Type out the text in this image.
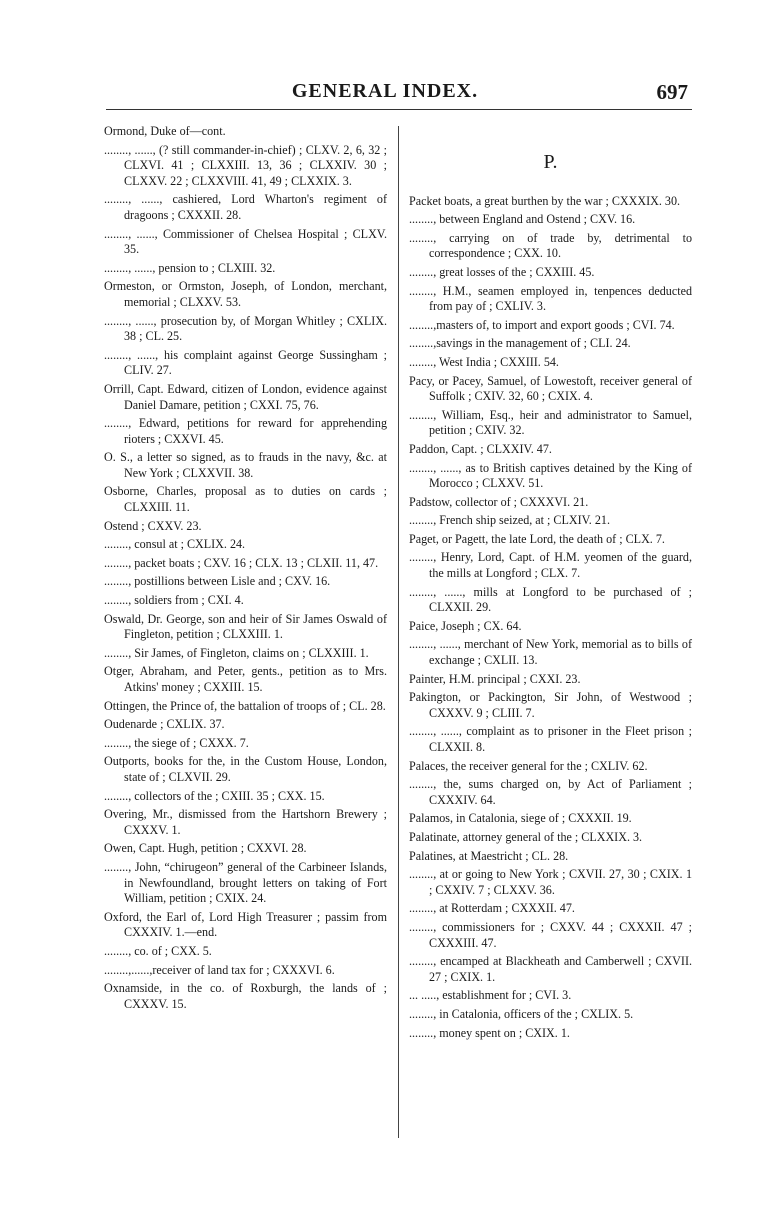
GENERAL INDEX.	697
Ormond, Duke of—cont.
........, ......, (? still commander-in-chief) ; CLXV. 2, 6, 32 ; CLXVI. 41 ; CLXXIII. 13, 36 ; CLXXIV. 30 ; CLXXV. 22 ; CLXXVIII. 41, 49 ; CLXXIX. 3.
........, ......, cashiered, Lord Wharton's regiment of dragoons ; CXXXII. 28.
........, ......, Commissioner of Chelsea Hospital ; CLXV. 35.
........, ......, pension to ; CLXIII. 32.
Ormeston, or Ormston, Joseph, of London, merchant, memorial ; CLXXV. 53.
........, ......, prosecution by, of Morgan Whitley ; CXLIX. 38 ; CL. 25.
........, ......, his complaint against George Sussingham ; CLIV. 27.
Orrill, Capt. Edward, citizen of London, evidence against Daniel Damare, petition ; CXXI. 75, 76.
........, Edward, petitions for reward for apprehending rioters ; CXXVI. 45.
O. S., a letter so signed, as to frauds in the navy, &c. at New York ; CLXXVII. 38.
Osborne, Charles, proposal as to duties on cards ; CLXXIII. 11.
Ostend ; CXXV. 23.
........, consul at ; CXLIX. 24.
........, packet boats ; CXV. 16 ; CLX. 13 ; CLXII. 11, 47.
........, postillions between Lisle and ; CXV. 16.
........, soldiers from ; CXI. 4.
Oswald, Dr. George, son and heir of Sir James Oswald of Fingleton, petition ; CLXXIII. 1.
........, Sir James, of Fingleton, claims on ; CLXXIII. 1.
Otger, Abraham, and Peter, gents., petition as to Mrs. Atkins' money ; CXXIII. 15.
Ottingen, the Prince of, the battalion of troops of ; CL. 28.
Oudenarde ; CXLIX. 37.
........, the siege of ; CXXX. 7.
Outports, books for the, in the Custom House, London, state of ; CLXVII. 29.
........, collectors of the ; CXIII. 35 ; CXX. 15.
Overing, Mr., dismissed from the Hartshorn Brewery ; CXXXV. 1.
Owen, Capt. Hugh, petition ; CXXVI. 28.
........, John, “chirugeon” general of the Carbineer Islands, in Newfoundland, brought letters on taking of Fort William, petition ; CXIX. 24.
Oxford, the Earl of, Lord High Treasurer ; passim from CXXXIV. 1.—end.
........, co. of ; CXX. 5.
........,......,receiver of land tax for ; CXXXVI. 6.
Oxnamside, in the co. of Roxburgh, the lands of ; CXXXV. 15.
P.
Packet boats, a great burthen by the war ; CXXXIX. 30.
........, between England and Ostend ; CXV. 16.
........, carrying on of trade by, detrimental to correspondence ; CXX. 10.
........, great losses of the ; CXXIII. 45.
........, H.M., seamen employed in, tenpences deducted from pay of ; CXLIV. 3.
........,masters of, to import and export goods ; CVI. 74.
........,savings in the management of ; CLI. 24.
........, West India ; CXXIII. 54.
Pacy, or Pacey, Samuel, of Lowestoft, receiver general of Suffolk ; CXIV. 32, 60 ; CXIX. 4.
........, William, Esq., heir and administrator to Samuel, petition ; CXIV. 32.
Paddon, Capt. ; CLXXIV. 47.
........, ......, as to British captives detained by the King of Morocco ; CLXXV. 51.
Padstow, collector of ; CXXXVI. 21.
........, French ship seized, at ; CLXIV. 21.
Paget, or Pagett, the late Lord, the death of ; CLX. 7.
........, Henry, Lord, Capt. of H.M. yeomen of the guard, the mills at Longford ; CLX. 7.
........, ......, mills at Longford to be purchased of ; CLXXII. 29.
Paice, Joseph ; CX. 64.
........, ......, merchant of New York, memorial as to bills of exchange ; CXLII. 13.
Painter, H.M. principal ; CXXI. 23.
Pakington, or Packington, Sir John, of Westwood ; CXXXV. 9 ; CLIII. 7.
........, ......, complaint as to prisoner in the Fleet prison ; CLXXII. 8.
Palaces, the receiver general for the ; CXLIV. 62.
........, the, sums charged on, by Act of Parliament ; CXXXIV. 64.
Palamos, in Catalonia, siege of ; CXXXII. 19.
Palatinate, attorney general of the ; CLXXIX. 3.
Palatines, at Maestricht ; CL. 28.
........, at or going to New York ; CXVII. 27, 30 ; CXIX. 1 ; CXXIV. 7 ; CLXXV. 36.
........, at Rotterdam ; CXXXII. 47.
........, commissioners for ; CXXV. 44 ; CXXXII. 47 ; CXXXIII. 47.
........, encamped at Blackheath and Camberwell ; CXVII. 27 ; CXIX. 1.
... ....., establishment for ; CVI. 3.
........, in Catalonia, officers of the ; CXLIX. 5.
........, money spent on ; CXIX. 1.
